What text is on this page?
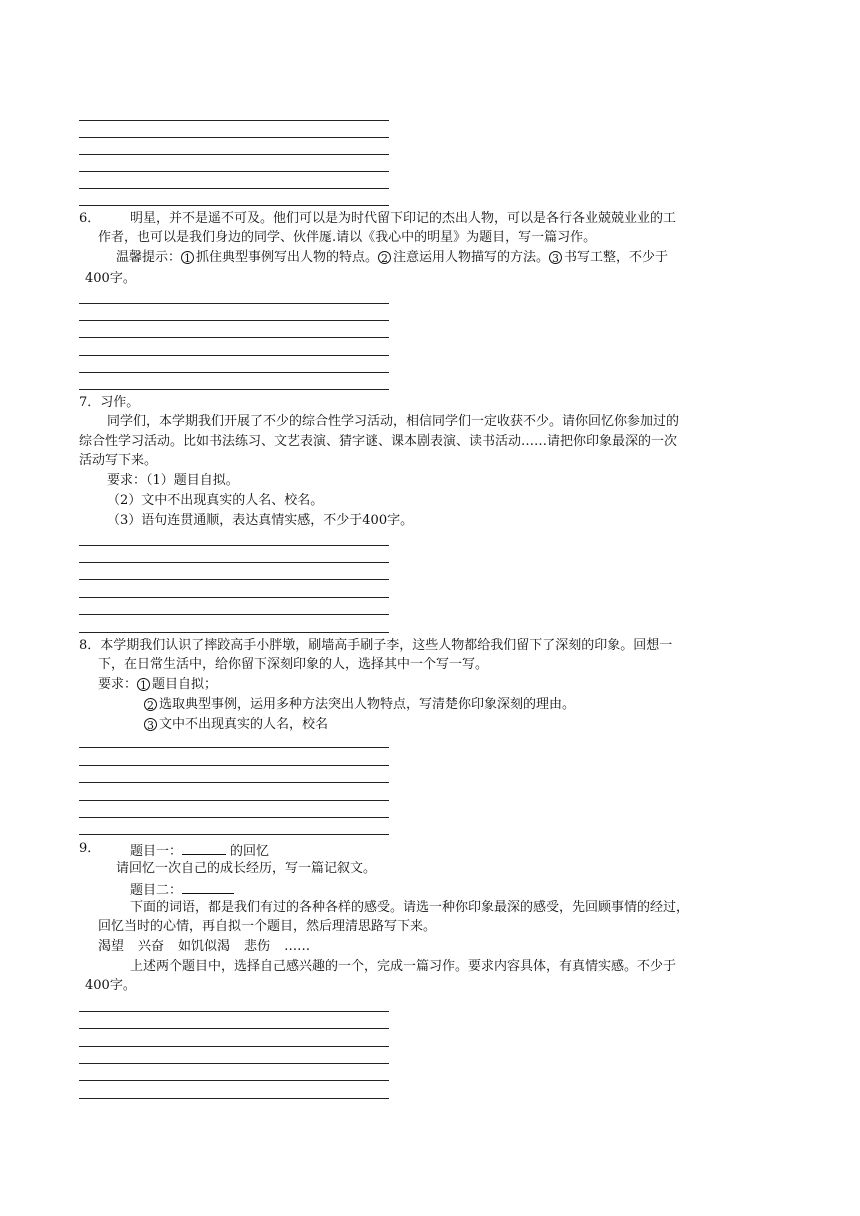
6． 明星，并不是遥不可及。他们可以是为时代留下印记的杰出人物，可以是各行各业兢兢业业的工

作者，也可以是我们身边的同学、伙伴厖.请以《我心中的明星》为题目，写一篇习作。

温馨提示： 1 抓住典型事例写出人物的特点。 2 注意运用人物描写的方法。 3 书写工整，不少于

400字。

7．习作。

同学们，本学期我们开展了不少的综合性学习活动，相信同学们一定收获不少。请你回忆你参加过的

综合性学习活动。比如书法练习、文艺表演、猜字谜、课本剧表演、读书活动……请把你印象最深的一次

活动写下来。

要求：（1）题目自拟。

（2）文中不出现真实的人名、校名。

（3）语句连贯通顺，表达真情实感，不少于400字。

8．本学期我们认识了摔跤高手小胖墩，刷墙高手刷子李，这些人物都给我们留下了深刻的印象。回想一

下，在日常生活中，给你留下深刻印象的人，选择其中一个写一写。

要求： 1 题目自拟；

2 选取典型事例，运用多种方法突出人物特点，写清楚你印象深刻的理由。

3 文中不出现真实的人名，校名

9． 题目一：	的回忆

请回忆一次自己的成长经历，写一篇记叙文。

题目二：

下面的词语，都是我们有过的各种各样的感受。请选一种你印象最深的感受，先回顾事情的经过，

回忆当时的心情，再自拟一个题目，然后理清思路写下来。

渴望 兴奋 如饥似渴 悲伤 ……

上述两个题目中，选择自己感兴趣的一个，完成一篇习作。要求内容具体，有真情实感。不少于

400字。
